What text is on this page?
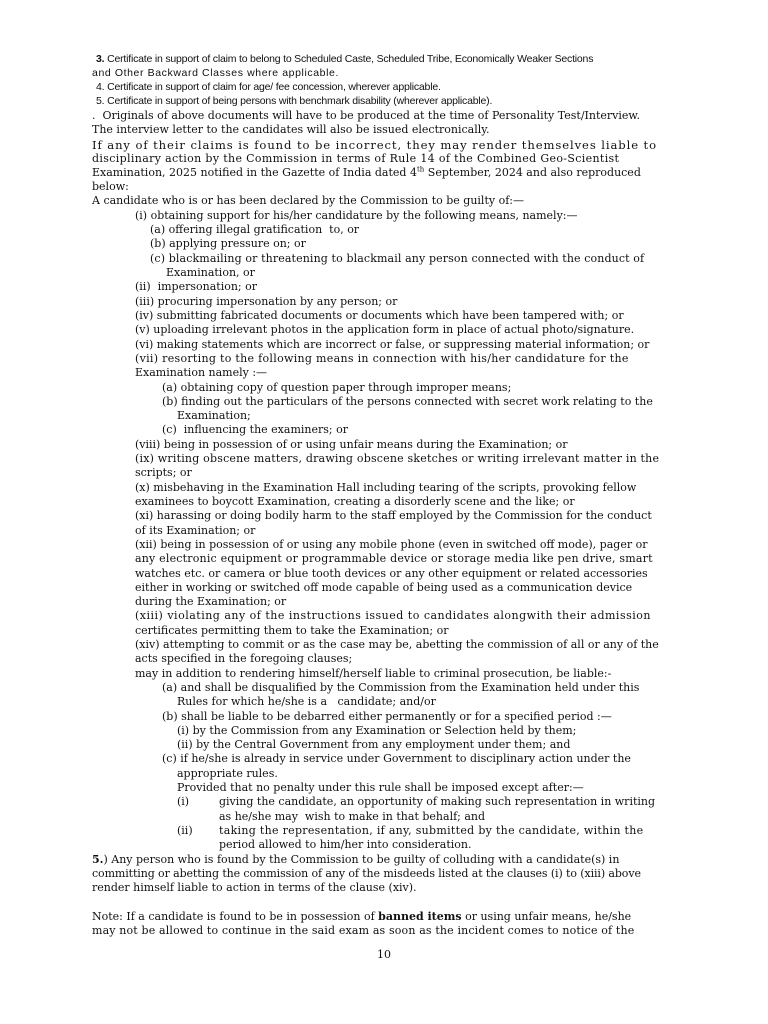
3. Certificate in support of claim to belong to Scheduled Caste, Scheduled Tribe, Economically Weaker Sections
and Other Backward Classes where applicable.
4. Certificate in support of claim for age/ fee concession, wherever applicable.
5. Certificate in support of being persons with benchmark disability (wherever applicable).
.  Originals of above documents will have to be produced at the time of Personality Test/Interview.
The interview letter to the candidates will also be issued electronically.
If any of their claims is found to be incorrect, they may render themselves liable to
disciplinary action by the Commission in terms of Rule 14 of the Combined Geo-Scientist
Examination, 2025 notified in the Gazette of India dated 4th September, 2024 and also reproduced
below:
A candidate who is or has been declared by the Commission to be guilty of:—
(i) obtaining support for his/her candidature by the following means, namely:—
(a) offering illegal gratification  to, or
(b) applying pressure on; or
(c) blackmailing or threatening to blackmail any person connected with the conduct of
Examination, or
(ii)  impersonation; or
(iii) procuring impersonation by any person; or
(iv) submitting fabricated documents or documents which have been tampered with; or
(v) uploading irrelevant photos in the application form in place of actual photo/signature.
(vi) making statements which are incorrect or false, or suppressing material information; or
(vii) resorting to the following means in connection with his/her candidature for the
Examination namely :—
(a) obtaining copy of question paper through improper means;
(b) finding out the particulars of the persons connected with secret work relating to the
Examination;
(c)  influencing the examiners; or
(viii) being in possession of or using unfair means during the Examination; or
(ix) writing obscene matters, drawing obscene sketches or writing irrelevant matter in the
scripts; or
(x) misbehaving in the Examination Hall including tearing of the scripts, provoking fellow
examinees to boycott Examination, creating a disorderly scene and the like; or
(xi) harassing or doing bodily harm to the staff employed by the Commission for the conduct
of its Examination; or
(xii) being in possession of or using any mobile phone (even in switched off mode), pager or
any electronic equipment or programmable device or storage media like pen drive, smart
watches etc. or camera or blue tooth devices or any other equipment or related accessories
either in working or switched off mode capable of being used as a communication device
during the Examination; or
(xiii) violating any of the instructions issued to candidates alongwith their admission
certificates permitting them to take the Examination; or
(xiv) attempting to commit or as the case may be, abetting the commission of all or any of the
acts specified in the foregoing clauses;
may in addition to rendering himself/herself liable to criminal prosecution, be liable:-
(a) and shall be disqualified by the Commission from the Examination held under this
Rules for which he/she is a   candidate; and/or
(b) shall be liable to be debarred either permanently or for a specified period :—
(i) by the Commission from any Examination or Selection held by them;
(ii) by the Central Government from any employment under them; and
(c) if he/she is already in service under Government to disciplinary action under the
appropriate rules.
Provided that no penalty under this rule shall be imposed except after:—
(i)	giving the candidate, an opportunity of making such representation in writing
as he/she may  wish to make in that behalf; and
(ii) taking the representation, if any, submitted by the candidate, within the
period allowed to him/her into consideration.
5.) Any person who is found by the Commission to be guilty of colluding with a candidate(s) in
committing or abetting the commission of any of the misdeeds listed at the clauses (i) to (xiii) above
render himself liable to action in terms of the clause (xiv).
Note: If a candidate is found to be in possession of banned items or using unfair means, he/she
may not be allowed to continue in the said exam as soon as the incident comes to notice of the
10
